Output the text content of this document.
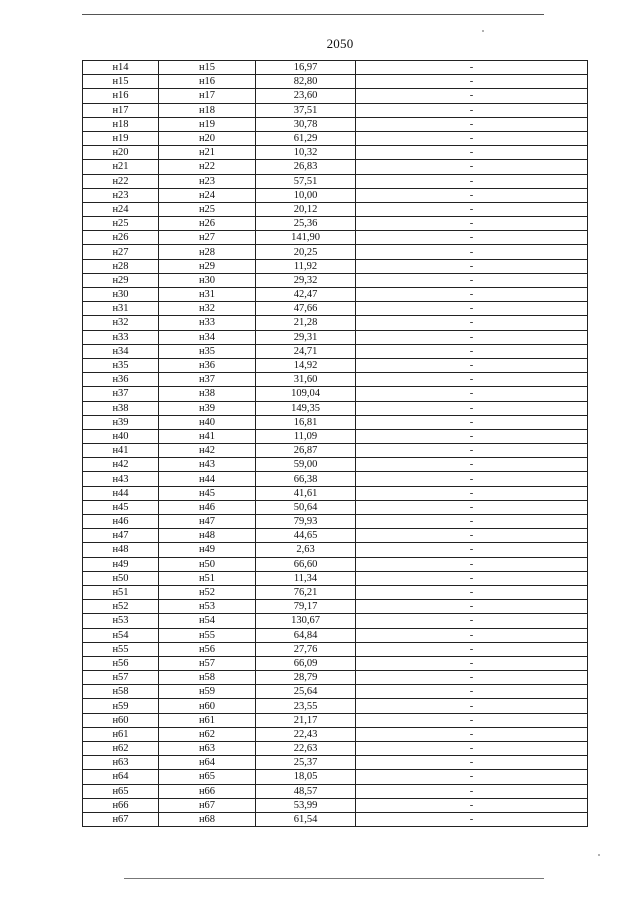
2050
н14	н15	16,97	-
н15	н16	82,80	-
н16	н17	23,60	-
н17	н18	37,51	-
н18	н19	30,78	-
н19	н20	61,29	-
н20	н21	10,32	-
н21	н22	26,83	-
н22	н23	57,51	-
н23	н24	10,00	-
н24	н25	20,12	-
н25	н26	25,36	-
н26	н27	141,90	-
н27	н28	20,25	-
н28	н29	11,92	-
н29	н30	29,32	-
н30	н31	42,47	-
н31	н32	47,66	-
н32	н33	21,28	-
н33	н34	29,31	-
н34	н35	24,71	-
н35	н36	14,92	-
н36	н37	31,60	-
н37	н38	109,04	-
н38	н39	149,35	-
н39	н40	16,81	-
н40	н41	11,09	-
н41	н42	26,87	-
н42	н43	59,00	-
н43	н44	66,38	-
н44	н45	41,61	-
н45	н46	50,64	-
н46	н47	79,93	-
н47	н48	44,65	-
н48	н49	2,63	-
н49	н50	66,60	-
н50	н51	11,34	-
н51	н52	76,21	-
н52	н53	79,17	-
н53	н54	130,67	-
н54	н55	64,84	-
н55	н56	27,76	-
н56	н57	66,09	-
н57	н58	28,79	-
н58	н59	25,64	-
н59	н60	23,55	-
н60	н61	21,17	-
н61	н62	22,43	-
н62	н63	22,63	-
н63	н64	25,37	-
н64	н65	18,05	-
н65	н66	48,57	-
н66	н67	53,99	-
н67	н68	61,54	-
